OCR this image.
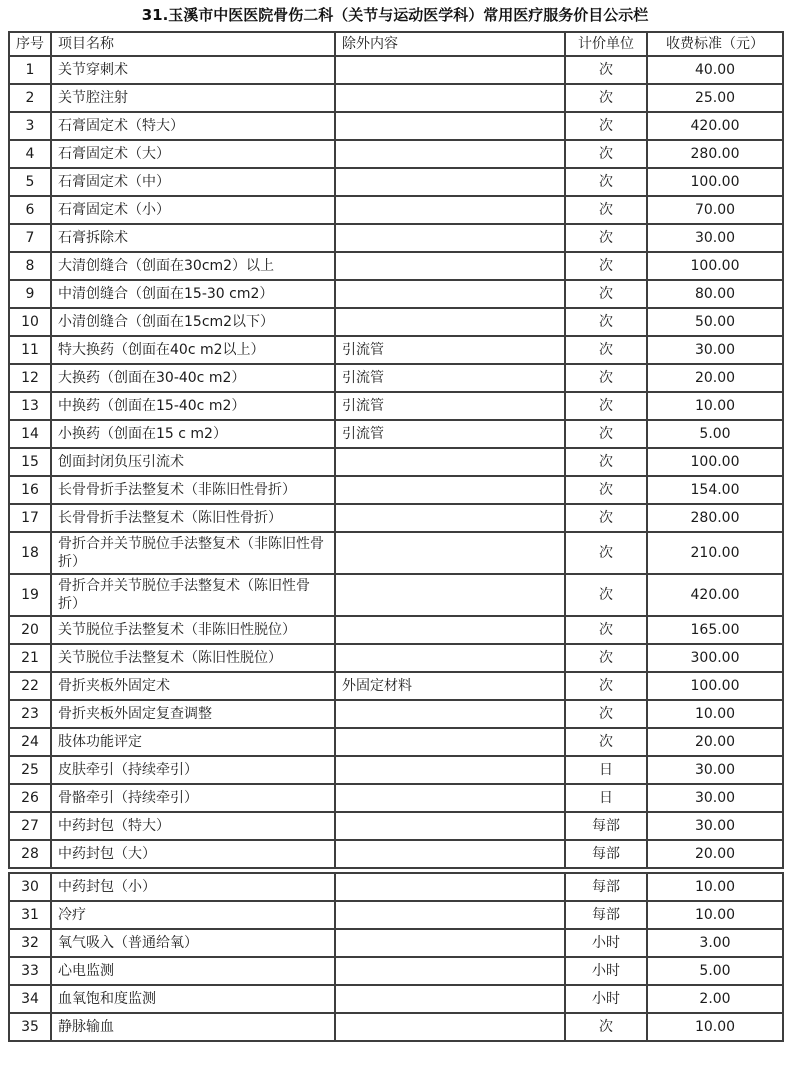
31.玉溪市中医医院骨伤二科（关节与运动医学科）常用医疗服务价目公示栏
序号	项目名称	除外内容	计价单位	收费标准（元）
1	关节穿刺术		次	40.00
2	关节腔注射		次	25.00
3	石膏固定术（特大）		次	420.00
4	石膏固定术（大）		次	280.00
5	石膏固定术（中）		次	100.00
6	石膏固定术（小）		次	70.00
7	石膏拆除术		次	30.00
8	大清创缝合（创面在30cm2）以上		次	100.00
9	中清创缝合（创面在15-30 cm2）		次	80.00
10	小清创缝合（创面在15cm2以下）		次	50.00
11	特大换药（创面在40c m2以上）	引流管	次	30.00
12	大换药（创面在30-40c m2）	引流管	次	20.00
13	中换药（创面在15-40c m2）	引流管	次	10.00
14	小换药（创面在15 c m2）	引流管	次	5.00
15	创面封闭负压引流术		次	100.00
16	长骨骨折手法整复术（非陈旧性骨折）		次	154.00
17	长骨骨折手法整复术（陈旧性骨折）		次	280.00
18	骨折合并关节脱位手法整复术（非陈旧性骨折）		次	210.00
19	骨折合并关节脱位手法整复术（陈旧性骨折）		次	420.00
20	关节脱位手法整复术（非陈旧性脱位）		次	165.00
21	关节脱位手法整复术（陈旧性脱位）		次	300.00
22	骨折夹板外固定术	外固定材料	次	100.00
23	骨折夹板外固定复查调整		次	10.00
24	肢体功能评定		次	20.00
25	皮肤牵引（持续牵引）		日	30.00
26	骨骼牵引（持续牵引）		日	30.00
27	中药封包（特大）		每部	30.00
28	中药封包（大）		每部	20.00
30	中药封包（小）		每部	10.00
31	冷疗		每部	10.00
32	氧气吸入（普通给氧）		小时	3.00
33	心电监测		小时	5.00
34	血氧饱和度监测		小时	2.00
35	静脉输血		次	10.00
